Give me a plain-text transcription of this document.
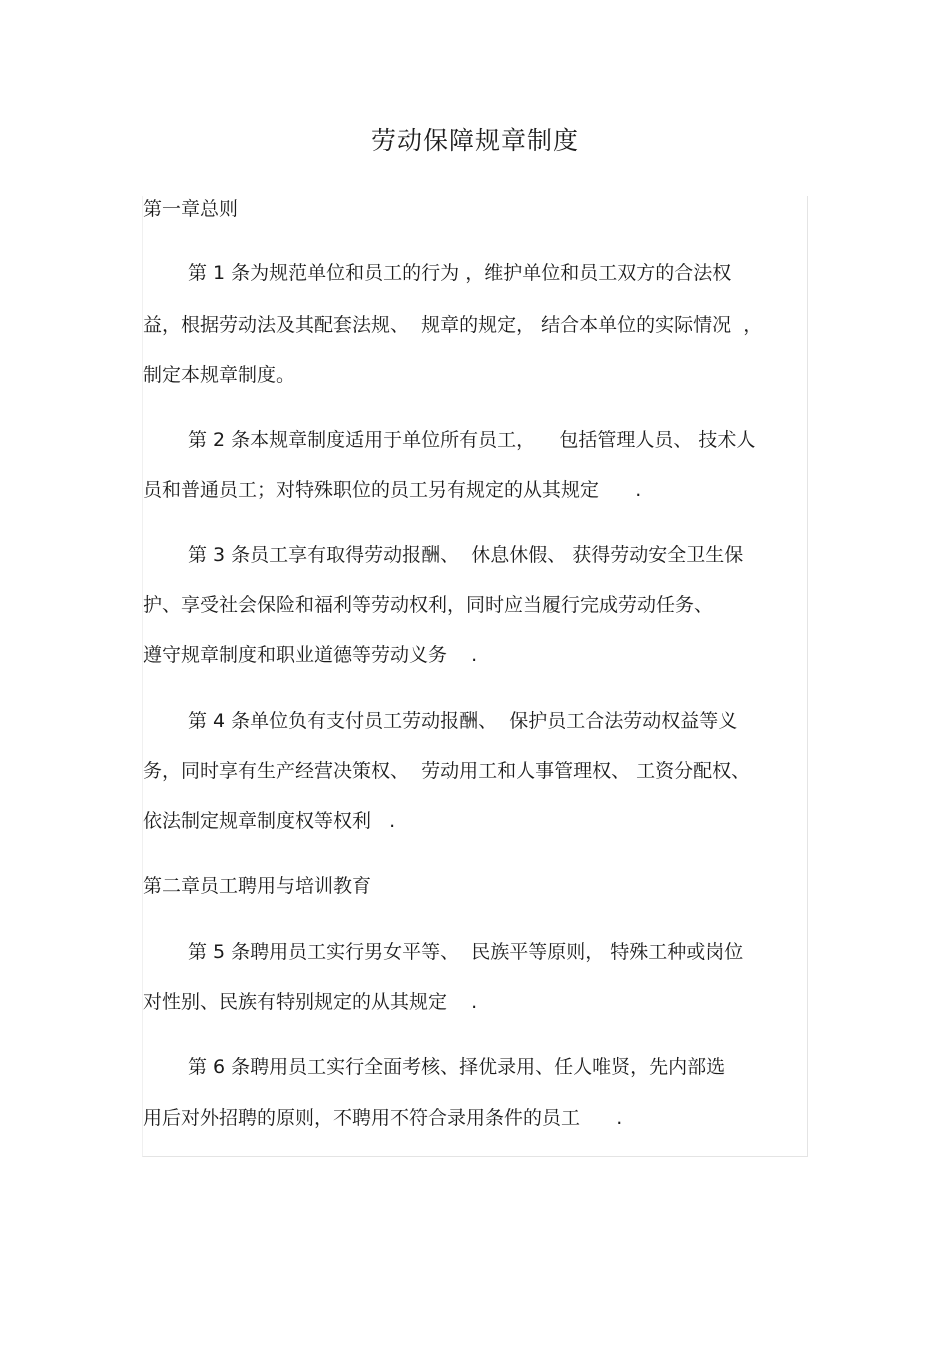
劳动保障规章制度
第一章总则
第 1 条为规范单位和员工的行为 ，维护单位和员工双方的合法权
益，根据劳动法及其配套法规、  规章的规定， 结合本单位的实际情况  ，
制定本规章制度。
第 2 条本规章制度适用于单位所有员工，    包括管理人员、 技术人
员和普通员工；对特殊职位的员工另有规定的从其规定      .
第 3 条员工享有取得劳动报酬、  休息休假、 获得劳动安全卫生保
护、享受社会保险和福利等劳动权利，同时应当履行完成劳动任务、
遵守规章制度和职业道德等劳动义务    .
第 4 条单位负有支付员工劳动报酬、  保护员工合法劳动权益等义
务，同时享有生产经营决策权、  劳动用工和人事管理权、 工资分配权、
依法制定规章制度权等权利   .
第二章员工聘用与培训教育
第 5 条聘用员工实行男女平等、  民族平等原则， 特殊工种或岗位
对性别、民族有特别规定的从其规定    .
第 6 条聘用员工实行全面考核、择优录用、任人唯贤，先内部选
用后对外招聘的原则，不聘用不符合录用条件的员工      .
